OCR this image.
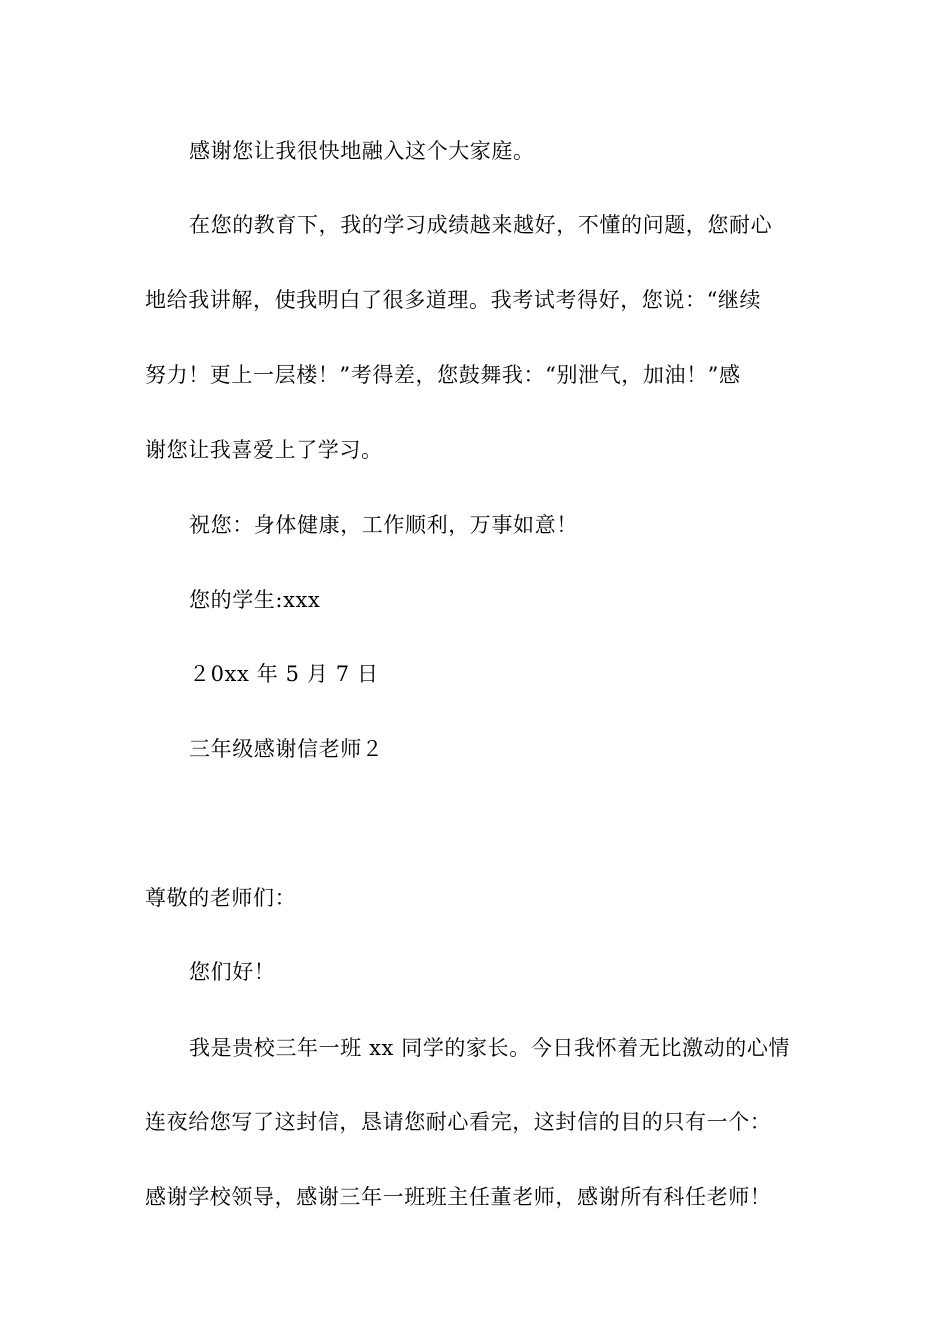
感谢您让我很快地融入这个大家庭。
在您的教育下，我的学习成绩越来越好，不懂的问题，您耐心
地给我讲解，使我明白了很多道理。我考试考得好，您说：“继续
努力！更上一层楼！”考得差，您鼓舞我：“别泄气，加油！”感
谢您让我喜爱上了学习。
祝您：身体健康，工作顺利，万事如意！
您的学生:xxx
２0xx 年 5 月 7 日
三年级感谢信老师２
尊敬的老师们：
您们好！
我是贵校三年一班 xx 同学的家长。今日我怀着无比激动的心情
连夜给您写了这封信，恳请您耐心看完，这封信的目的只有一个：
感谢学校领导，感谢三年一班班主任董老师，感谢所有科任老师！
